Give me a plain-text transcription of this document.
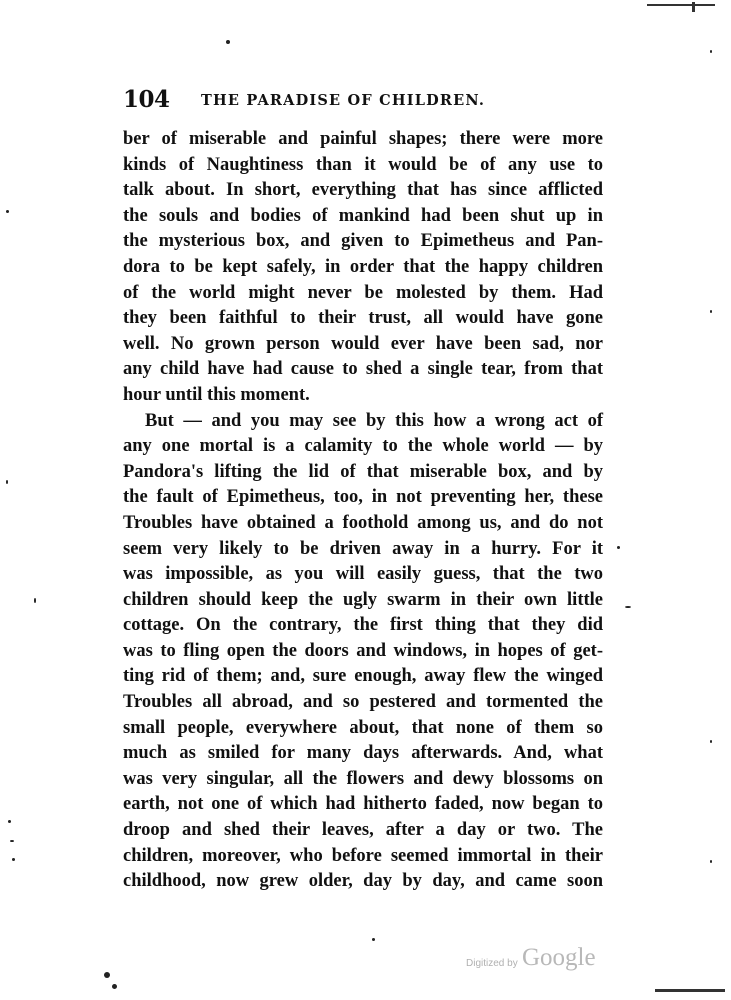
104 THE PARADISE OF CHILDREN.
ber of miserable and painful shapes; there were more
kinds of Naughtiness than it would be of any use to
talk about. In short, everything that has since afflicted
the souls and bodies of mankind had been shut up in
the mysterious box, and given to Epimetheus and Pan-
dora to be kept safely, in order that the happy children
of the world might never be molested by them. Had
they been faithful to their trust, all would have gone
well. No grown person would ever have been sad, nor
any child have had cause to shed a single tear, from that
hour until this moment.
But — and you may see by this how a wrong act of
any one mortal is a calamity to the whole world — by
Pandora's lifting the lid of that miserable box, and by
the fault of Epimetheus, too, in not preventing her, these
Troubles have obtained a foothold among us, and do not
seem very likely to be driven away in a hurry. For it
was impossible, as you will easily guess, that the two
children should keep the ugly swarm in their own little
cottage. On the contrary, the first thing that they did
was to fling open the doors and windows, in hopes of get-
ting rid of them; and, sure enough, away flew the winged
Troubles all abroad, and so pestered and tormented the
small people, everywhere about, that none of them so
much as smiled for many days afterwards. And, what
was very singular, all the flowers and dewy blossoms on
earth, not one of which had hitherto faded, now began to
droop and shed their leaves, after a day or two. The
children, moreover, who before seemed immortal in their
childhood, now grew older, day by day, and came soon
Digitized by Google
